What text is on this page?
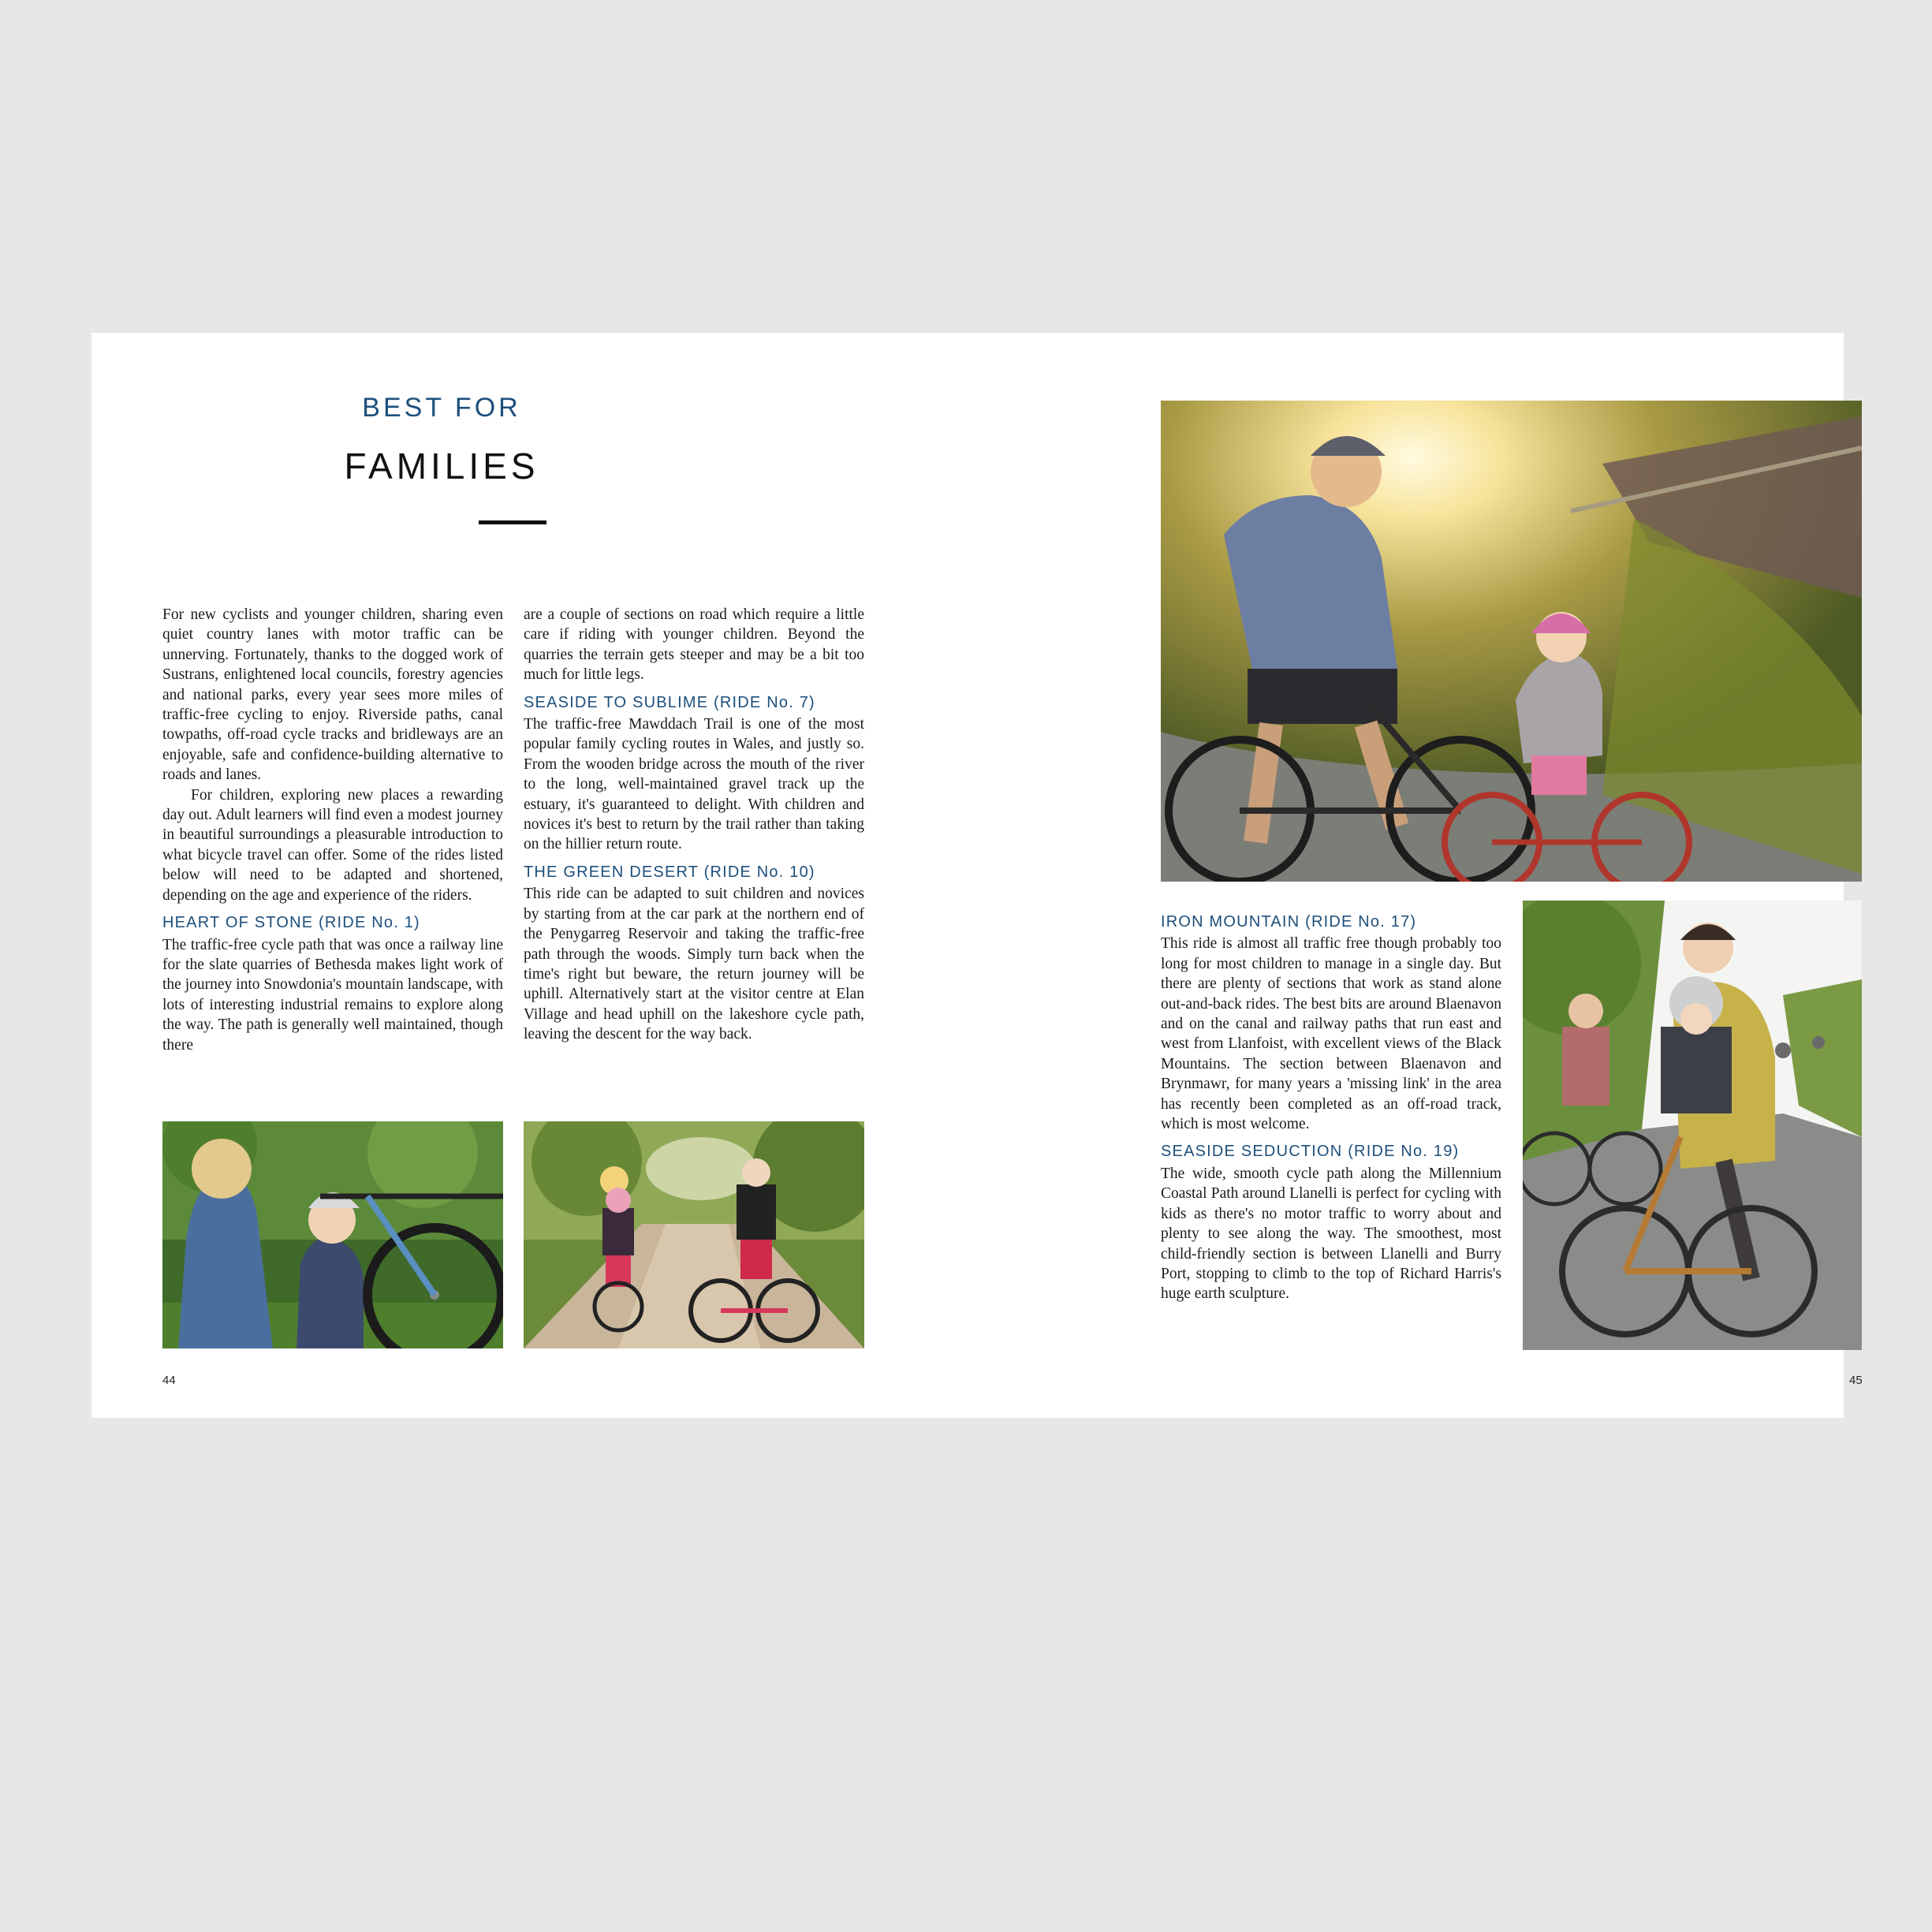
BEST FOR
FAMILIES

For new cyclists and younger children, sharing even quiet country lanes with motor traffic can be unnerving. Fortunately, thanks to the dogged work of Sustrans, enlightened local councils, forestry agencies and national parks, every year sees more miles of traffic-free cycling to enjoy. Riverside paths, canal towpaths, off-road cycle tracks and bridleways are an enjoyable, safe and confidence-building alternative to roads and lanes.

For children, exploring new places a rewarding day out. Adult learners will find even a modest journey in beautiful surroundings a pleasurable introduction to what bicycle travel can offer. Some of the rides listed below will need to be adapted and shortened, depending on the age and experience of the riders.

HEART OF STONE (RIDE No. 1)

The traffic-free cycle path that was once a railway line for the slate quarries of Bethesda makes light work of the journey into Snowdonia's mountain landscape, with lots of interesting industrial remains to explore along the way. The path is generally well maintained, though there

are a couple of sections on road which require a little care if riding with younger children. Beyond the quarries the terrain gets steeper and may be a bit too much for little legs.

SEASIDE TO SUBLIME (RIDE No. 7)

The traffic-free Mawddach Trail is one of the most popular family cycling routes in Wales, and justly so. From the wooden bridge across the mouth of the river to the long, well-maintained gravel track up the estuary, it's guaranteed to delight. With children and novices it's best to return by the trail rather than taking on the hillier return route.

THE GREEN DESERT (RIDE No. 10)

This ride can be adapted to suit children and novices by starting from at the car park at the northern end of the Penygarreg Reservoir and taking the traffic-free path through the woods. Simply turn back when the time's right but beware, the return journey will be uphill. Alternatively start at the visitor centre at Elan Village and head uphill on the lakeshore cycle path, leaving the descent for the way back.

44
IRON MOUNTAIN (RIDE No. 17)

This ride is almost all traffic free though probably too long for most children to manage in a single day. But there are plenty of sections that work as stand alone out-and-back rides. The best bits are around Blaenavon and on the canal and railway paths that run east and west from Llanfoist, with excellent views of the Black Mountains. The section between Blaenavon and Brynmawr, for many years a 'missing link' in the area has recently been completed as an off-road track, which is most welcome.

SEASIDE SEDUCTION (RIDE No. 19)

The wide, smooth cycle path along the Millennium Coastal Path around Llanelli is perfect for cycling with kids as there's no motor traffic to worry about and plenty to see along the way. The smoothest, most child-friendly section is between Llanelli and Burry Port, stopping to climb to the top of Richard Harris's huge earth sculpture.

45
